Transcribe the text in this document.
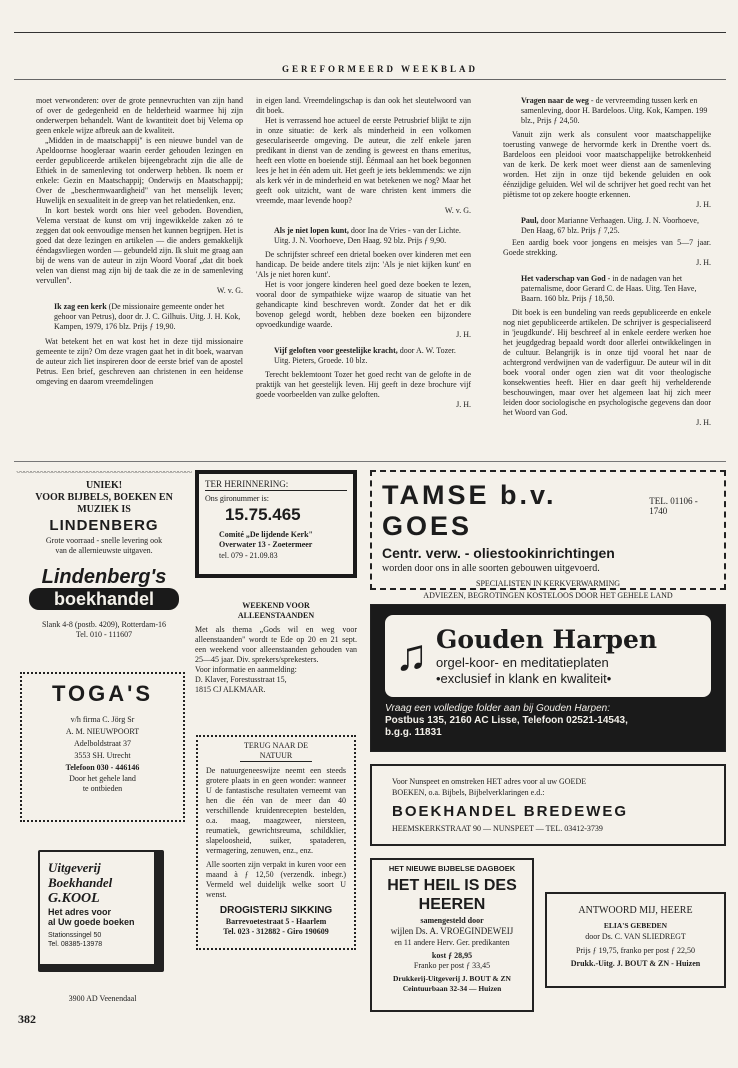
GEREFORMEERD WEEKBLAD

moet verwonderen: over de grote pennevruchten van zijn hand of over de gedegenheid en de helderheid waarmee hij zijn onderwerpen behandelt. Want de kwantiteit doet bij Velema op geen enkele wijze afbreuk aan de kwaliteit.

„Midden in de maatschappij" is een nieuwe bundel van de Apeldoornse hoogleraar waarin eerder gehouden lezingen en eerder gepubliceerde artikelen bijeengebracht zijn die alle de Ethiek in de samenleving tot onderwerp hebben. Ik noem er enkele: Gezin en Maatschappij; Onderwijs en Maatschappij; Over de „beschermwaardigheid" van het menselijk leven; Huwelijk en sexualiteit in de greep van het relatiedenken, enz.

In kort bestek wordt ons hier veel geboden. Bovendien, Velema verstaat de kunst om vrij ingewikkelde zaken zó te zeggen dat ook eenvoudige mensen het kunnen begrijpen. Het is goed dat deze lezingen en artikelen — die anders gemakkelijk ééndagsvliegen worden — gebundeld zijn. Ik sluit me graag aan bij de wens van de auteur in zijn Woord Vooraf „dat dit boek velen van dienst mag zijn bij de taak die ze in de samenleving vervullen".

W. v. G.
Ik zag een kerk (De missionaire gemeente onder het gehoor van Petrus), door dr. J. C. Gilhuis. Uitg. J. H. Kok, Kampen, 1979, 176 blz. Prijs ƒ 19,90.

Wat betekent het en wat kost het in deze tijd missionaire gemeente te zijn? Om deze vragen gaat het in dit boek, waarvan de auteur zich liet inspireren door de eerste brief van de apostel Petrus. Een brief, geschreven aan christenen in een heidense omgeving en daarom vreemdelingen

in eigen land. Vreemdelingschap is dan ook het sleutelwoord van dit boek.

Het is verrassend hoe actueel de eerste Petrusbrief blijkt te zijn in onze situatie: de kerk als minderheid in een volkomen geseculariseerde omgeving. De auteur, die zelf enkele jaren predikant in dienst van de zending is geweest en thans emeritus, heeft een vlotte en boeiende stijl. Éénmaal aan het boek begonnen lees je het in één adem uit. Het geeft je iets beklemmends: we zijn als kerk vér in de minderheid en wat betekenen we nog? Maar het geeft ook uitzicht, want de ware christen kent immers die vreemde, maar levende hoop?

W. v. G.
Als je niet lopen kunt, door Ina de Vries - van der Lichte. Uitg. J. N. Voorhoeve, Den Haag. 92 blz. Prijs ƒ 9,90.

De schrijfster schreef een drietal boeken over kinderen met een handicap. De beide andere titels zijn: 'Als je niet kijken kunt' en 'Als je niet horen kunt'.

Het is voor jongere kinderen heel goed deze boeken te lezen, vooral door de sympathieke wijze waarop de situatie van het gehandicapte kind beschreven wordt. Zonder dat het er dik bovenop gelegd wordt, hebben deze boeken een bijzondere opvoedkundige waarde.

J. H.
Vijf geloften voor geestelijke kracht, door A. W. Tozer. Uitg. Pieters, Groede. 10 blz.

Terecht beklemtoont Tozer het goed recht van de gelofte in de praktijk van het geestelijk leven. Hij geeft in deze brochure vijf goede voorbeelden van zulke geloften.

J. H.
Vragen naar de weg - de vervreemding tussen kerk en samenleving, door H. Bardeloos. Uitg. Kok, Kampen. 199 blz., Prijs ƒ 24,50.

Vanuit zijn werk als consulent voor maatschappelijke toerusting vanwege de hervormde kerk in Drenthe voert ds. Bardeloos een pleidooi voor maatschappelijke betrokkenheid van de kerk. De kerk moet weer dienst aan de samenleving worden. Het zijn in onze tijd bekende geluiden en ook éénzijdige geluiden. Wel wil de schrijver het goed recht van het piëtisme tot op zekere hoogte erkennen.

J. H.
Paul, door Marianne Verhaagen. Uitg. J. N. Voorhoeve, Den Haag, 67 blz. Prijs ƒ 7,25.

Een aardig boek voor jongens en meisjes van 5—7 jaar. Goede strekking.

J. H.
Het vaderschap van God - in de nadagen van het paternalisme, door Gerard C. de Haas. Uitg. Ten Have, Baarn. 160 blz. Prijs ƒ 18,50.

Dit boek is een bundeling van reeds gepubliceerde en enkele nog niet gepubliceerde artikelen. De schrijver is gespecialiseerd in 'jeugdkunde'. Hij beschreef al in enkele eerdere werken hoe het jeugdgedrag bepaald wordt door allerlei ontwikkelingen in de cultuur. Belangrijk is in onze tijd vooral het naar de achtergrond verdwijnen van de vaderfiguur. De auteur wil in dit boek vooral onder ogen zien wat dit voor theologische konsekwenties heeft. Hier en daar geeft hij verhelderende beschouwingen, maar over het algemeen laat hij zich meer leiden door sociologische en psychologische gegevens dan door het Woord van God.

J. H.
〰〰〰〰〰〰〰〰〰〰〰〰〰〰〰〰〰〰〰〰〰〰〰〰〰
UNIEK!
VOOR BIJBELS, BOEKEN EN
MUZIEK IS
LINDENBERG
Grote voorraad - snelle levering ook
van de allernieuwste uitgaven.
Lindenberg's
boekhandel
Slank 4-8 (postb. 4209), Rotterdam-16
Tel. 010 - 111607
TOGA'S
v/h firma C. Jörg Sr
A. M. NIEUWPOORT
Adelboldstraat 37
3553 SH. Utrecht
Telefoon 030 - 446146
Door het gehele land
te ontbieden
Uitgeverij
Boekhandel
G.KOOL
Het adres voor
al Uw goede boeken
Stationssingel 50
Tel. 08385-13978
3900 AD Veenendaal
TER HERINNERING:
Ons gironummer is:
15.75.465
Comité „De lijdende Kerk"
Overwater 13 - Zoetermeer
tel. 079 - 21.09.83
WEEKEND VOOR
ALLEENSTAANDEN
Met als thema „Gods wil en weg voor alleenstaanden" wordt te Ede op 20 en 21 sept. een weekend voor alleenstaanden gehouden van 25—45 jaar. Div. sprekers/sprekesters.
Voor informatie en aanmelding:
D. Klaver, Forestusstraat 15,
1815 CJ ALKMAAR.
TERUG NAAR DE
NATUUR
De natuurgeneeswijze neemt een steeds grotere plaats in en geen wonder: wanneer U de fantastische resultaten verneemt van hen die één van de meer dan 40 verschillende kruidenrecepten bestelden, o.a. maag, maagzweer, niersteen, reumatiek, gewrichtsreuma, schildklier, slapeloosheid, suiker, spataderen, vermagering, zenuwen, enz., enz.
Alle soorten zijn verpakt in kuren voor een maand à ƒ 12,50 (verzendk. inbegr.) Vermeld wel duidelijk welke soort U wenst.
DROGISTERIJ SIKKING
Barrevoetestraat 5 - Haarlem
Tel. 023 - 312882 - Giro 190609
TAMSE b.v. GOES
TEL. 01106 - 1740
Centr. verw. - oliestookinrichtingen
worden door ons in alle soorten gebouwen uitgevoerd.
SPECIALISTEN IN KERKVERWARMING
ADVIEZEN, BEGROTINGEN KOSTELOOS DOOR HET GEHELE LAND
♫ Gouden Harpen
orgel-koor- en meditatieplaten
•exclusief in klank en kwaliteit•
Vraag een volledige folder aan bij Gouden Harpen:
Postbus 135, 2160 AC Lisse, Telefoon 02521-14543,
b.g.g. 11831
Voor Nunspeet en omstreken HET adres voor al uw GOEDE
BOEKEN, o.a. Bijbels, Bijbelverklaringen e.d.:
BOEKHANDEL BREDEWEG
HEEMSKERKSTRAAT 90 — NUNSPEET — TEL. 03412-3739
HET NIEUWE BIJBELSE DAGBOEK
HET HEIL IS DES HEEREN
samengesteld door
wijlen Ds. A. VROEGINDEWEIJ
en 11 andere Herv. Ger. predikanten
kost ƒ 28,95
Franko per post ƒ 33,45
Drukkerij-Uitgeverij J. BOUT & ZN
Ceintuurbaan 32-34 — Huizen
ANTWOORD MIJ, HEERE
ELIA'S GEBEDEN
door Ds. C. VAN SLIEDREGT
Prijs ƒ 19,75, franko per post ƒ 22,50
Drukk.-Uitg. J. BOUT & ZN - Huizen
382
